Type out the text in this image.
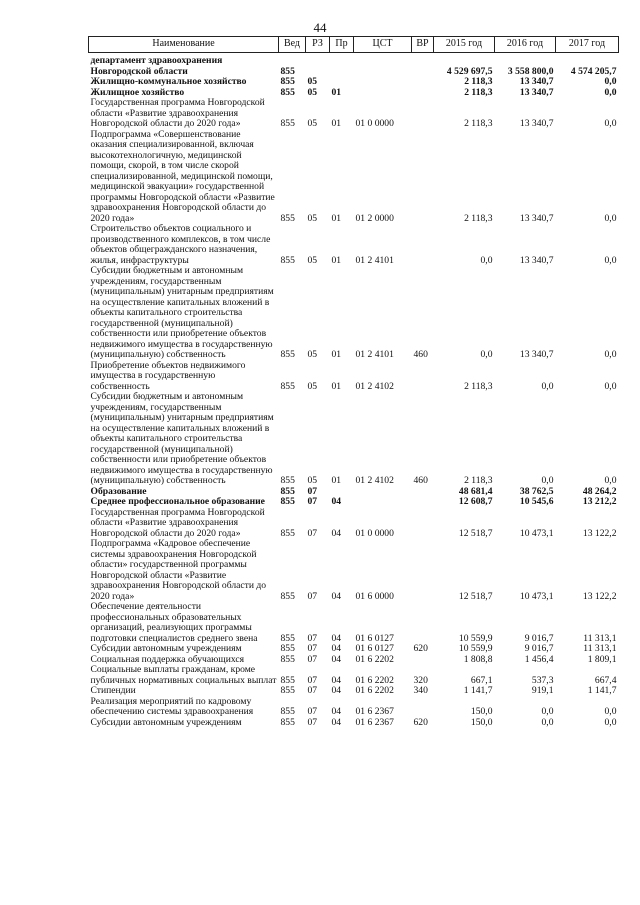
44
Наименование	Вед	РЗ	Пр	ЦСТ	ВР	2015 год	2016 год	2017 год
департамент здравоохранения Новгородской области	855					4 529 697,5	3 558 800,0	4 574 205,7
Жилищно-коммунальное хозяйство	855	05				2 118,3	13 340,7	0,0
Жилищное хозяйство	855	05	01			2 118,3	13 340,7	0,0
Государственная программа Новгородской области «Развитие здравоохранения Новгородской области до 2020 года»	855	05	01	01 0 0000		2 118,3	13 340,7	0,0
Подпрограмма «Совершенствование оказания специализированной, включая высокотехнологичную, медицинской помощи, скорой, в том числе скорой специализированной, медицинской помощи, медицинской эвакуации» государственной программы Новгородской области «Развитие здравоохранения Новгородской области до 2020 года»	855	05	01	01 2 0000		2 118,3	13 340,7	0,0
Строительство объектов социального и производственного комплексов, в том числе объектов общегражданского назначения, жилья, инфраструктуры	855	05	01	01 2 4101		0,0	13 340,7	0,0
Субсидии бюджетным и автономным учреждениям, государственным (муниципальным) унитарным предприятиям на осуществление капитальных вложений в объекты капитального строительства государственной (муниципальной) собственности или приобретение объектов недвижимого имущества в государственную (муниципальную) собственность	855	05	01	01 2 4101	460	0,0	13 340,7	0,0
Приобретение объектов недвижимого имущества в государственную собственность	855	05	01	01 2 4102		2 118,3	0,0	0,0
Субсидии бюджетным и автономным учреждениям, государственным (муниципальным) унитарным предприятиям на осуществление капитальных вложений в объекты капитального строительства государственной (муниципальной) собственности или приобретение объектов недвижимого имущества в государственную (муниципальную) собственность	855	05	01	01 2 4102	460	2 118,3	0,0	0,0
Образование	855	07				48 681,4	38 762,5	48 264,2
Среднее профессиональное образование	855	07	04			12 608,7	10 545,6	13 212,2
Государственная программа Новгородской области «Развитие здравоохранения Новгородской области до 2020 года»	855	07	04	01 0 0000		12 518,7	10 473,1	13 122,2
Подпрограмма «Кадровое обеспечение системы здравоохранения Новгородской области» государственной программы Новгородской области «Развитие здравоохранения Новгородской области до 2020 года»	855	07	04	01 6 0000		12 518,7	10 473,1	13 122,2
Обеспечение деятельности профессиональных образовательных организаций, реализующих программы подготовки специалистов среднего звена	855	07	04	01 6 0127		10 559,9	9 016,7	11 313,1
Субсидии автономным учреждениям	855	07	04	01 6 0127	620	10 559,9	9 016,7	11 313,1
Социальная поддержка обучающихся	855	07	04	01 6 2202		1 808,8	1 456,4	1 809,1
Социальные выплаты гражданам, кроме публичных нормативных социальных выплат	855	07	04	01 6 2202	320	667,1	537,3	667,4
Стипендии	855	07	04	01 6 2202	340	1 141,7	919,1	1 141,7
Реализация мероприятий по кадровому обеспечению системы здравоохранения	855	07	04	01 6 2367		150,0	0,0	0,0
Субсидии автономным учреждениям	855	07	04	01 6 2367	620	150,0	0,0	0,0
